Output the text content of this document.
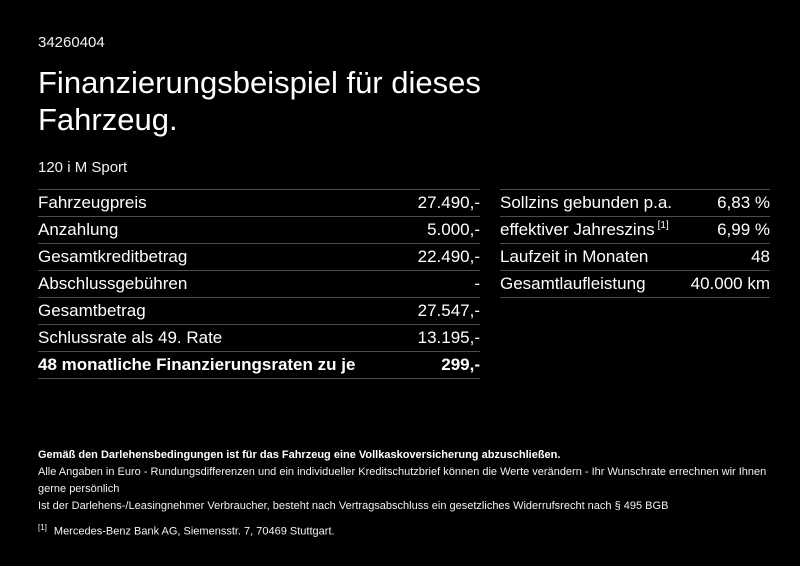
34260404
Finanzierungsbeispiel für dieses Fahrzeug.
120 i M Sport
Fahrzeugpreis	27.490,-
Anzahlung	5.000,-
Gesamtkreditbetrag	22.490,-
Abschlussgebühren	-
Gesamtbetrag	27.547,-
Schlussrate als 49. Rate	13.195,-
48 monatliche Finanzierungsraten zu je	299,-
Sollzins gebunden p.a.	6,83 %
effektiver Jahreszins [1]	6,99 %
Laufzeit in Monaten	48
Gesamtlaufleistung	40.000 km

Gemäß den Darlehensbedingungen ist für das Fahrzeug eine Vollkaskoversicherung abzuschließen.

Alle Angaben in Euro - Rundungsdifferenzen und ein individueller Kreditschutzbrief können die Werte verändern - Ihr Wunschrate errechnen wir Ihnen gerne persönlich

Ist der Darlehens-/Leasingnehmer Verbraucher, besteht nach Vertragsabschluss ein gesetzliches Widerrufsrecht nach § 495 BGB

[1] Mercedes-Benz Bank AG, Siemensstr. 7, 70469 Stuttgart.
